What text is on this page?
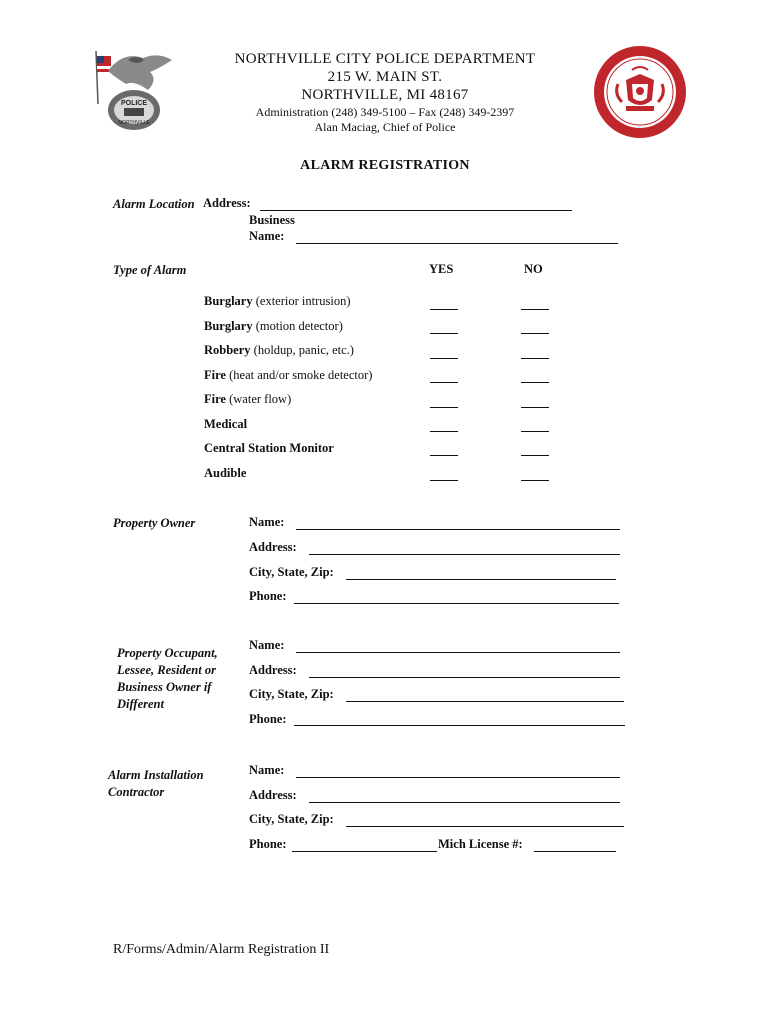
POLICE
NORTHVILLE
NORTHVILLE CITY POLICE DEPARTMENT
215 W. MAIN ST.
NORTHVILLE, MI 48167
Administration (248) 349-5100 – Fax (248) 349-2397
Alan Maciag, Chief of Police
ALARM REGISTRATION
Alarm Location Address:
Business
Name:
Type of Alarm	YES	NO
Burglary (exterior intrusion)
Burglary (motion detector)
Robbery (holdup, panic, etc.)
Fire (heat and/or smoke detector)
Fire (water flow)
Medical
Central Station Monitor
Audible
Property Owner	Name:
Address:
City, State, Zip:
Phone:
Property Occupant,
Lessee, Resident or
Business Owner if
Different
Name:
Address:
City, State, Zip:
Phone:
Alarm Installation
Contractor
Name:
Address:
City, State, Zip:
Phone:	Mich License #:
R/Forms/Admin/Alarm Registration II
